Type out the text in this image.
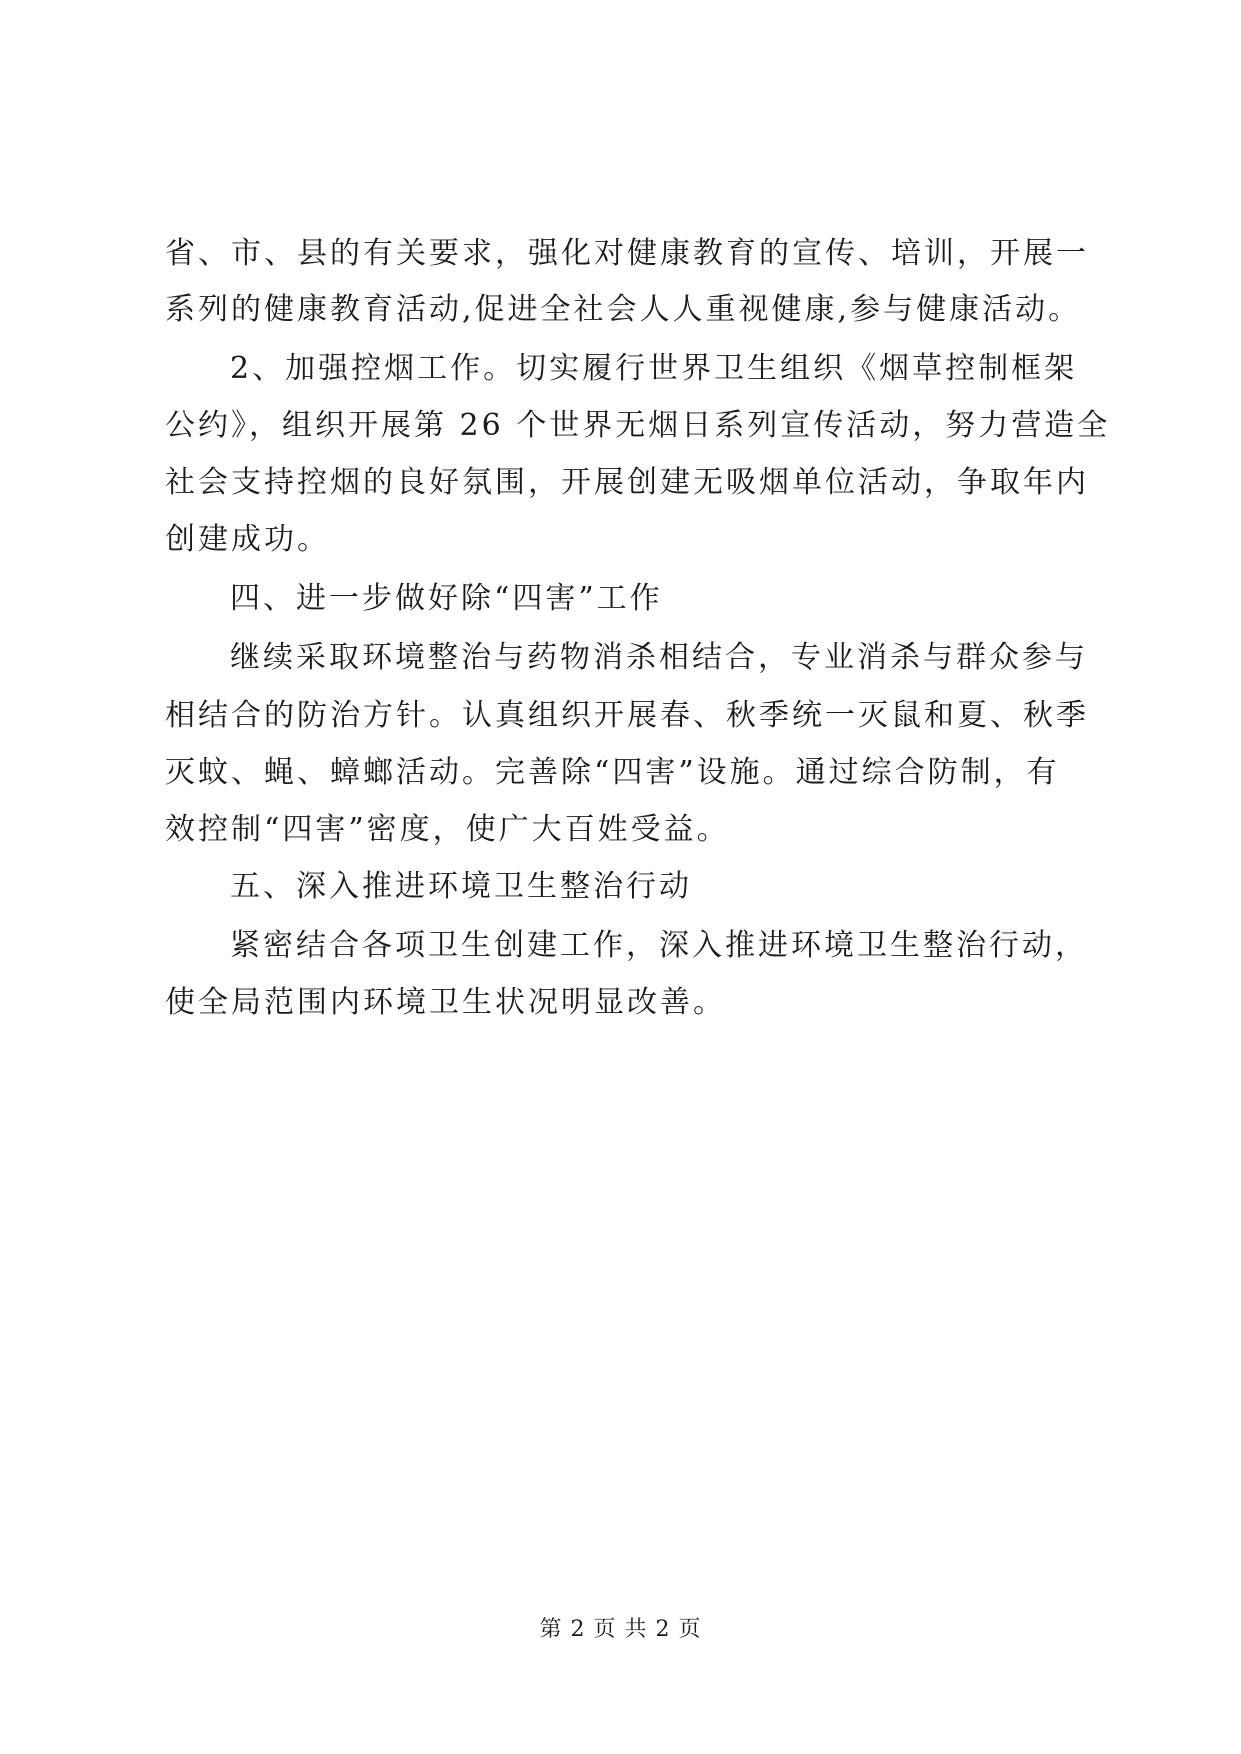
省、市、县的有关要求，强化对健康教育的宣传、培训，开展一
系列的健康教育活动,促进全社会人人重视健康,参与健康活动。
2、加强控烟工作。切实履行世界卫生组织《烟草控制框架
公约》，组织开展第 26 个世界无烟日系列宣传活动，努力营造全
社会支持控烟的良好氛围，开展创建无吸烟单位活动，争取年内
创建成功。
四、进一步做好除“四害”工作
继续采取环境整治与药物消杀相结合，专业消杀与群众参与
相结合的防治方针。认真组织开展春、秋季统一灭鼠和夏、秋季
灭蚊、蝇、蟑螂活动。完善除“四害”设施。通过综合防制，有
效控制“四害”密度，使广大百姓受益。
五、深入推进环境卫生整治行动
紧密结合各项卫生创建工作，深入推进环境卫生整治行动，
使全局范围内环境卫生状况明显改善。
第 2 页 共 2 页
